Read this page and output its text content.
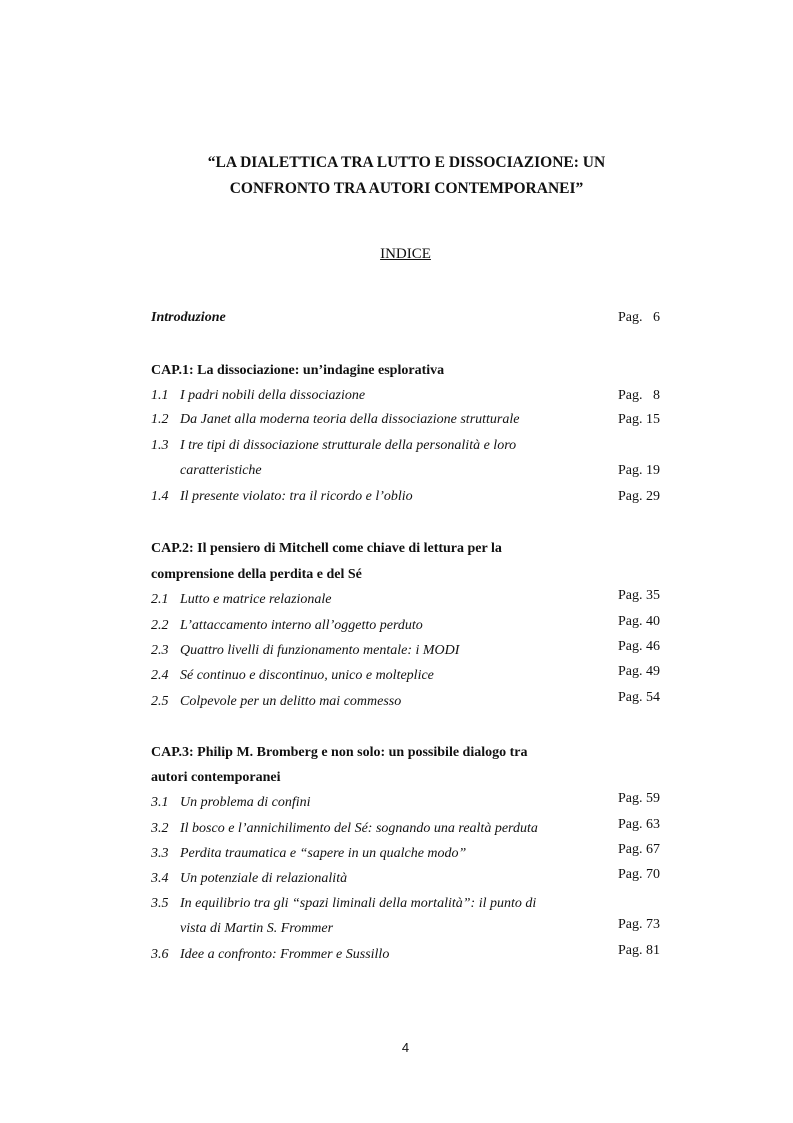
“LA DIALETTICA TRA LUTTO E DISSOCIAZIONE: UN
CONFRONTO TRA AUTORI CONTEMPORANEI”
INDICE
Introduzione	Pag.   6
CAP.1: La dissociazione: un’indagine esplorativa
1.1 I padri nobili della dissociazione	Pag.   8
1.2 Da Janet alla moderna teoria della dissociazione strutturale	Pag. 15
1.3 I tre tipi di dissociazione strutturale della personalità e loro
caratteristiche	Pag. 19
1.4 Il presente violato: tra il ricordo e l’oblio	Pag. 29
CAP.2: Il pensiero di Mitchell come chiave di lettura per la
comprensione della perdita e del Sé
2.1 Lutto e matrice relazionale	Pag. 35
2.2 L’attaccamento interno all’oggetto perduto	Pag. 40
2.3 Quattro livelli di funzionamento mentale: i MODI	Pag. 46
2.4 Sé continuo e discontinuo, unico e molteplice	Pag. 49
2.5 Colpevole per un delitto mai commesso	Pag. 54
CAP.3: Philip M. Bromberg e non solo: un possibile dialogo tra
autori contemporanei
3.1 Un problema di confini	Pag. 59
3.2 Il bosco e l’annichilimento del Sé: sognando una realtà perduta	Pag. 63
3.3 Perdita traumatica e “sapere in un qualche modo”	Pag. 67
3.4 Un potenziale di relazionalità	Pag. 70
3.5 In equilibrio tra gli “spazi liminali della mortalità”: il punto di
vista di Martin S. Frommer	Pag. 73
3.6 Idee a confronto: Frommer e Sussillo	Pag. 81
4
